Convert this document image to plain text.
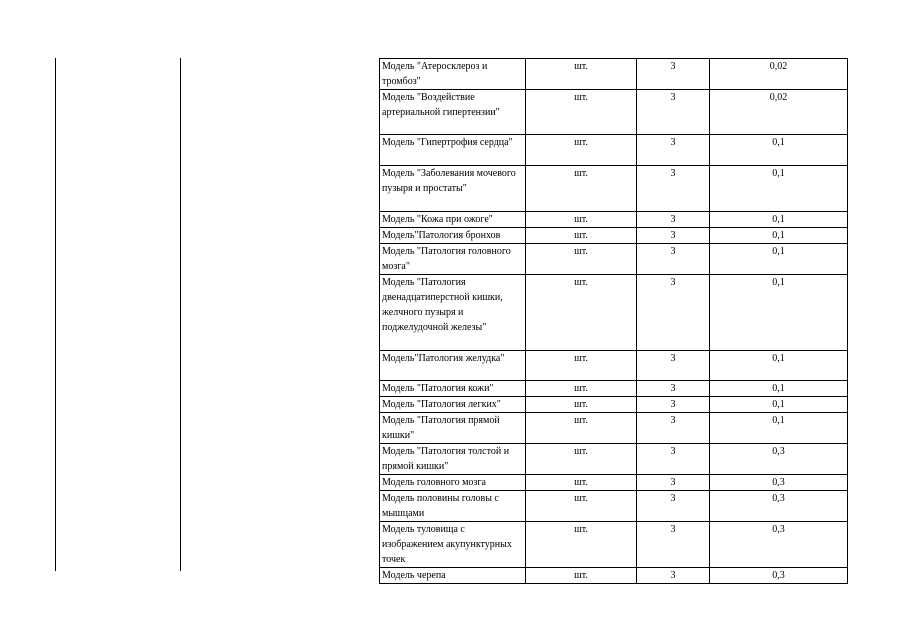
Модель "Атеросклероз и тромбоз"	шт.	3	0,02
Модель "Воздействие артериальной гипертензии"	шт.	3	0,02
Модель "Гипертрофия сердца"	шт.	3	0,1
Модель "Заболевания мочевого пузыря и простаты"	шт.	3	0,1
Модель "Кожа при ожоге"	шт.	3	0,1
Модель"Патология бронхов	шт.	3	0,1
Модель "Патология головного мозга"	шт.	3	0,1
Модель "Патология двенадцатиперстной кишки, желчного пузыря и поджелудочной железы"	шт.	3	0,1
Модель"Патология желудка"	шт.	3	0,1
Модель "Патология кожи"	шт.	3	0,1
Модель "Патология легких"	шт.	3	0,1
Модель "Патология прямой кишки"	шт.	3	0,1
Модель "Патология толстой и прямой кишки"	шт.	3	0,3
Модель головного мозга	шт.	3	0,3
Модель половины головы с мышцами	шт.	3	0,3
Модель туловища с изображением акупунктурных точек	шт.	3	0,3
Модель черепа	шт.	3	0,3
